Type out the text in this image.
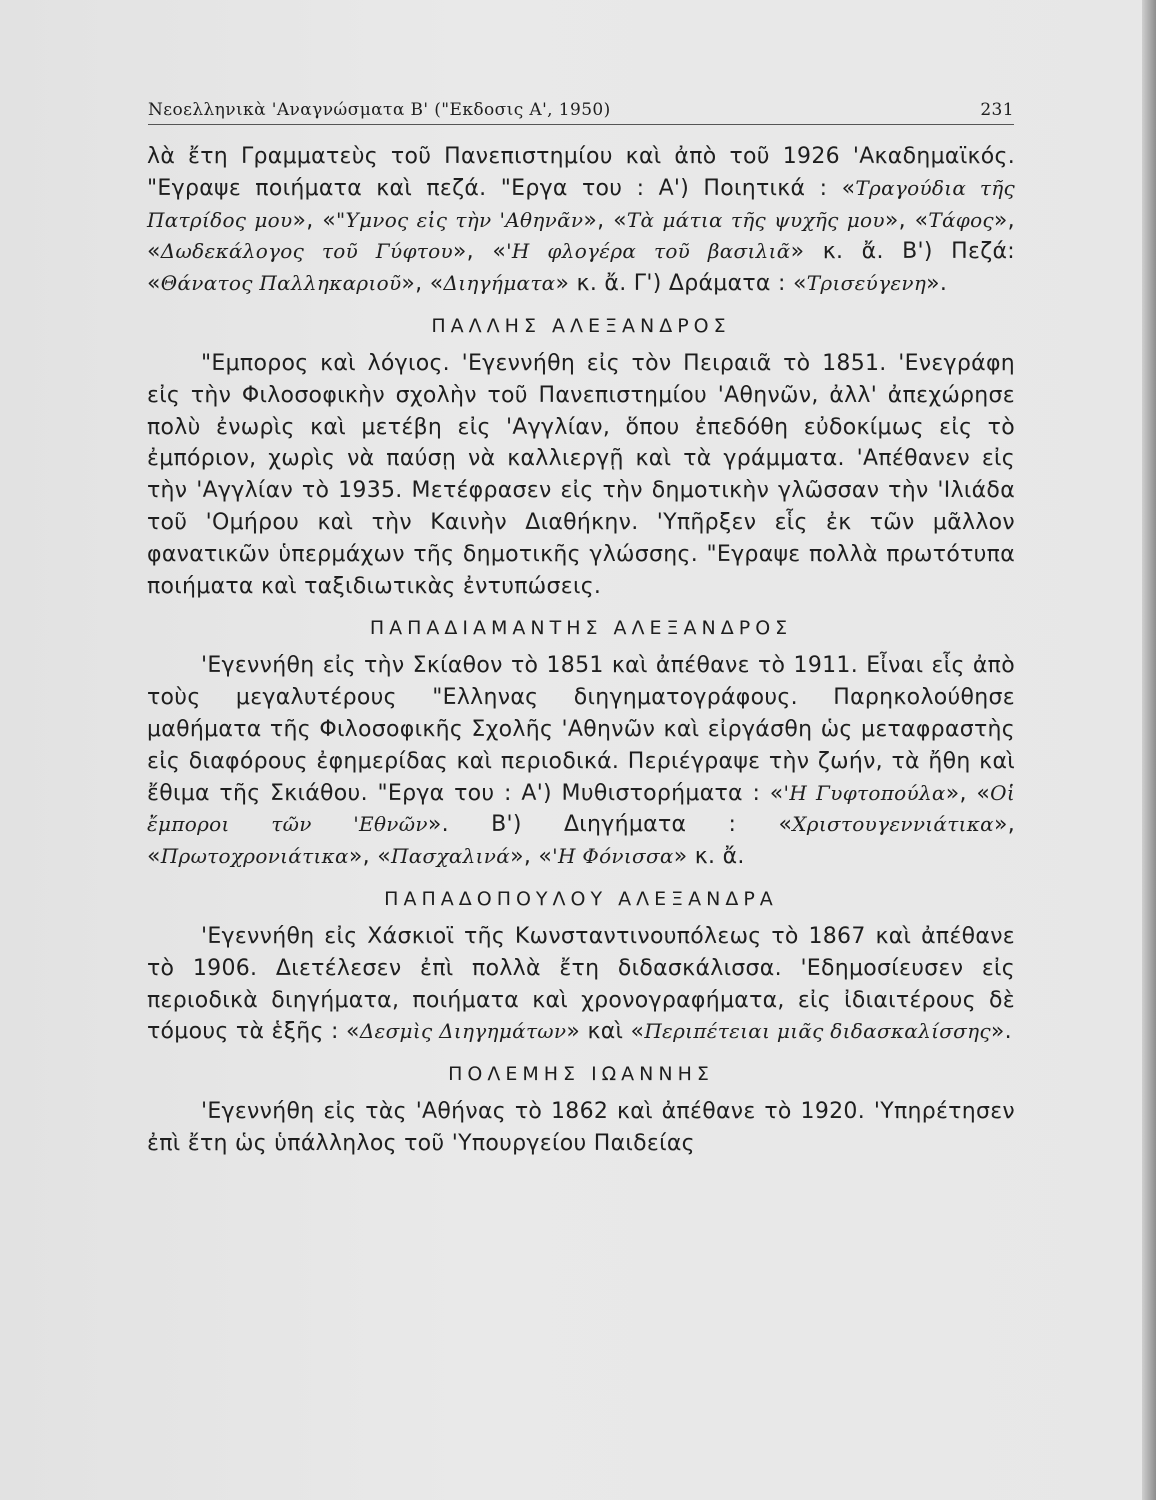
Νεοελληνικὰ 'Αναγνώσματα Β' ("Εκδοσις Α', 1950)	231

λὰ ἔτη Γραμματεὺς τοῦ Πανεπιστημίου καὶ ἀπὸ τοῦ 1926 'Ακαδημαϊκός. "Εγραψε ποιήματα καὶ πεζά. "Εργα του : Α') Ποιητικά : «Τραγούδια τῆς Πατρίδος μου», «"Υμνος εἰς τὴν 'Αθηνᾶν», «Τὰ μάτια τῆς ψυχῆς μου», «Τάφος», «Δωδεκάλογος τοῦ Γύφτου», «'Η φλογέρα τοῦ βασιλιᾶ» κ. ἄ. Β') Πεζά: «Θάνατος Παλληκαριοῦ», «Διηγήματα» κ. ἄ. Γ') Δράματα : «Τρισεύγενη».

ΠΑΛΛΗΣ ΑΛΕΞΑΝΔΡΟΣ

"Εμπορος καὶ λόγιος. 'Εγεννήθη εἰς τὸν Πειραιᾶ τὸ 1851. 'Ενεγράφη εἰς τὴν Φιλοσοφικὴν σχολὴν τοῦ Πανεπιστημίου 'Αθηνῶν, ἀλλ' ἀπεχώρησε πολὺ ἐνωρὶς καὶ μετέβη εἰς 'Αγγλίαν, ὅπου ἐπεδόθη εὐδοκίμως εἰς τὸ ἐμπόριον, χωρὶς νὰ παύσῃ νὰ καλλιεργῇ καὶ τὰ γράμματα. 'Απέθανεν εἰς τὴν 'Αγγλίαν τὸ 1935. Μετέφρασεν εἰς τὴν δημοτικὴν γλῶσσαν τὴν 'Ιλιάδα τοῦ 'Ομήρου καὶ τὴν Καινὴν Διαθήκην. 'Υπῆρξεν εἷς ἐκ τῶν μᾶλλον φανατικῶν ὑπερμάχων τῆς δημοτικῆς γλώσσης. "Εγραψε πολλὰ πρωτότυπα ποιήματα καὶ ταξιδιωτικὰς ἐντυπώσεις.

ΠΑΠΑΔΙΑΜΑΝΤΗΣ ΑΛΕΞΑΝΔΡΟΣ

'Εγεννήθη εἰς τὴν Σκίαθον τὸ 1851 καὶ ἀπέθανε τὸ 1911. Εἶναι εἷς ἀπὸ τοὺς μεγαλυτέρους "Ελληνας διηγηματογράφους. Παρηκολούθησε μαθήματα τῆς Φιλοσοφικῆς Σχολῆς 'Αθηνῶν καὶ εἰργάσθη ὡς μεταφραστὴς εἰς διαφόρους ἐφημερίδας καὶ περιοδικά. Περιέγραψε τὴν ζωήν, τὰ ἤθη καὶ ἔθιμα τῆς Σκιάθου. "Εργα του : Α') Μυθιστορήματα : «'Η Γυφτοπούλα», «Οἱ ἔμποροι τῶν 'Εθνῶν». Β') Διηγήματα : «Χριστουγεννιάτικα», «Πρωτοχρονιάτικα», «Πασχαλινά», «'Η Φόνισσα» κ. ἄ.

ΠΑΠΑΔΟΠΟΥΛΟΥ ΑΛΕΞΑΝΔΡΑ

'Εγεννήθη εἰς Χάσκιοϊ τῆς Κωνσταντινουπόλεως τὸ 1867 καὶ ἀπέθανε τὸ 1906. Διετέλεσεν ἐπὶ πολλὰ ἔτη διδασκάλισσα. 'Εδημοσίευσεν εἰς περιοδικὰ διηγήματα, ποιήματα καὶ χρονογραφήματα, εἰς ἰδιαιτέρους δὲ τόμους τὰ ἑξῆς : «Δεσμὶς Διηγημάτων» καὶ «Περιπέτειαι μιᾶς διδασκαλίσσης».

ΠΟΛΕΜΗΣ ΙΩΑΝΝΗΣ

'Εγεννήθη εἰς τὰς 'Αθήνας τὸ 1862 καὶ ἀπέθανε τὸ 1920. 'Υπηρέτησεν ἐπὶ ἔτη ὡς ὑπάλληλος τοῦ 'Υπουργείου Παιδείας
